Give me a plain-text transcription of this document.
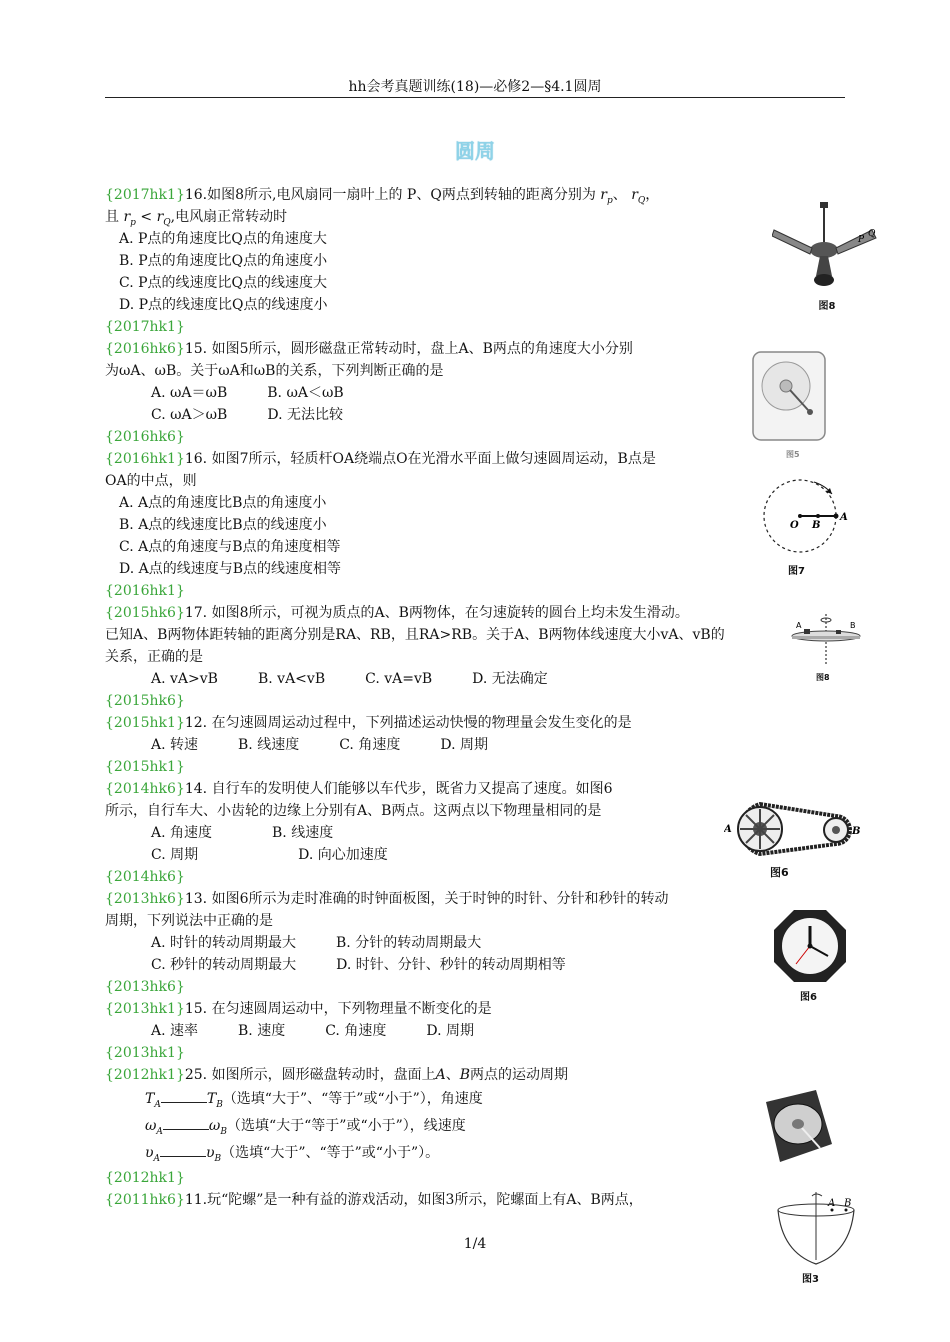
hh会考真题训练(18)—必修2—§4.1圆周
圆周
{2017hk1}16.如图8所示,电风扇同一扇叶上的 P、Q两点到转轴的距离分别为 $r_p$、 $r_Q$，
且 $r_p < r_Q$,电风扇正常转动时
A. P点的角速度比Q点的角速度大
B. P点的角速度比Q点的角速度小
C. P点的线速度比Q点的线速度大
D. P点的线速度比Q点的线速度小
{2017hk1}
{2016hk6}15. 如图5所示，圆形磁盘正常转动时，盘上A、B两点的角速度大小分别
为ωA、ωB。关于ωA和ωB的关系，下列判断正确的是
A. ωA＝ωB	B. ωA＜ωB
C. ωA＞ωB	D. 无法比较
{2016hk6}
{2016hk1}16. 如图7所示，轻质杆OA绕端点O在光滑水平面上做匀速圆周运动，B点是
OA的中点，则
A. A点的角速度比B点的角速度小
B. A点的线速度比B点的线速度小
C. A点的角速度与B点的角速度相等
D. A点的线速度与B点的线速度相等
{2016hk1}
{2015hk6}17. 如图8所示，可视为质点的A、B两物体，在匀速旋转的圆台上均未发生滑动。
已知A、B两物体距转轴的距离分别是RA、RB，且RA>RB。关于A、B两物体线速度大小vA、vB的
关系，正确的是
A. vA>vB	B. vA<vB	C. vA=vB	D. 无法确定
{2015hk6}
{2015hk1}12. 在匀速圆周运动过程中，下列描述运动快慢的物理量会发生变化的是
A. 转速	B. 线速度	C. 角速度	D. 周期
{2015hk1}
{2014hk6}14. 自行车的发明使人们能够以车代步，既省力又提高了速度。如图6
所示，自行车大、小齿轮的边缘上分别有A、B两点。这两点以下物理量相同的是
A. 角速度	B. 线速度
C. 周期	D. 向心加速度
{2014hk6}
{2013hk6}13. 如图6所示为走时准确的时钟面板图，关于时钟的时针、分针和秒针的转动
周期，下列说法中正确的是
A. 时针的转动周期最大	B. 分针的转动周期最大
C. 秒针的转动周期最大	D. 时针、分针、秒针的转动周期相等
{2013hk6}
{2013hk1}15. 在匀速圆周运动中，下列物理量不断变化的是
A. 速率	B. 速度	C. 角速度	D. 周期
{2013hk1}
{2012hk1}25. 如图所示，圆形磁盘转动时，盘面上A、B两点的运动周期
$T_A$	$T_B$（选填“大于”、“等于”或“小于”），角速度
$\omega_A$	$\omega_B$（选填“大于“等于”或“小于”），线速度
$\upsilon_A$	$\upsilon_B$（选填“大于”、“等于”或“小于”）。
{2012hk1}
{2011hk6}11.玩“陀螺”是一种有益的游戏活动，如图3所示，陀螺面上有A、B两点，
P
Q
图8
图5
O B
A
图7
A	B
图8
A	B
图6
图6
A B
图3
1/4
